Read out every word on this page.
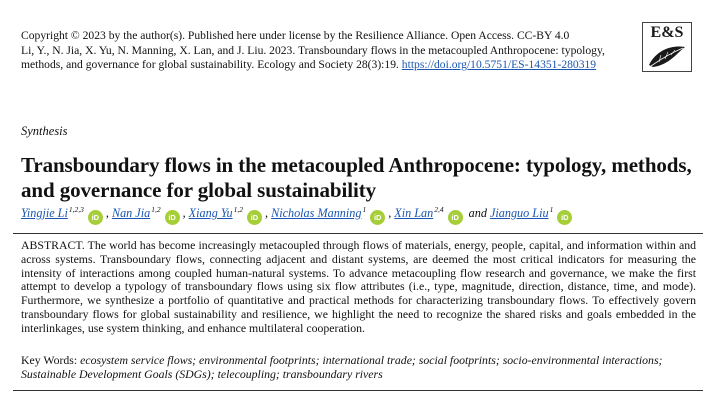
Copyright © 2023 by the author(s). Published here under license by the Resilience Alliance. Open Access. CC-BY 4.0
Li, Y., N. Jia, X. Yu, N. Manning, X. Lan, and J. Liu. 2023. Transboundary flows in the metacoupled Anthropocene: typology, methods, and governance for global sustainability. Ecology and Society 28(3):19. https://doi.org/10.5751/ES-14351-280319
E&S
Synthesis
Transboundary flows in the metacoupled Anthropocene: typology, methods, and governance for global sustainability
Yingjie Li$^{1,2,3}$iD , Nan Jia$^{1,2}$iD , Xiang Yu$^{1,2}$iD , Nicholas Manning$^1$iD , Xin Lan$^{2,4}$iD and Jianguo Liu$^1$iD
ABSTRACT. The world has become increasingly metacoupled through flows of materials, energy, people, capital, and information within and across systems. Transboundary flows, connecting adjacent and distant systems, are deemed the most critical indicators for measuring the intensity of interactions among coupled human-natural systems. To advance metacoupling flow research and governance, we make the first attempt to develop a typology of transboundary flows using six flow attributes (i.e., type, magnitude, direction, distance, time, and mode). Furthermore, we synthesize a portfolio of quantitative and practical methods for characterizing transboundary flows. To effectively govern transboundary flows for global sustainability and resilience, we highlight the need to recognize the shared risks and goals embedded in the interlinkages, use system thinking, and enhance multilateral cooperation.
Key Words: ecosystem service flows; environmental footprints; international trade; social footprints; socio-environmental interactions; Sustainable Development Goals (SDGs); telecoupling; transboundary rivers
